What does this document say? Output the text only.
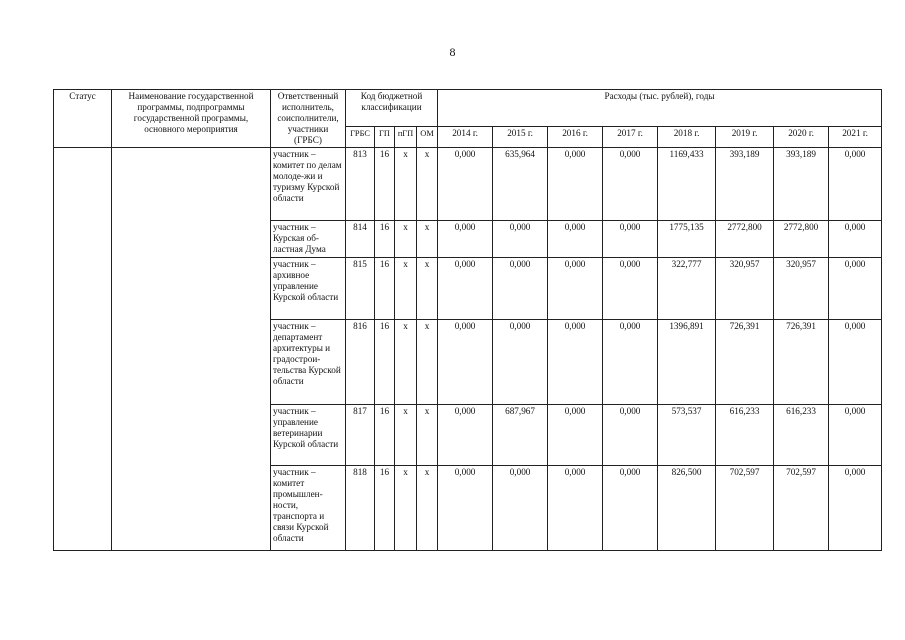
8
Статус	Наименование государственной программы, подпрограммы государственной программы, основного мероприятия	Ответственный исполнитель, соисполнители, участники (ГРБС)	Код бюджетной классификации				Расходы (тыс. рублей), годы							
			ГРБС	ГП	пГП	ОМ	2014 г.	2015 г.	2016 г.	2017 г.	2018 г.	2019 г.	2020 г.	2021 г.
		участник – комитет по делам молоде-жи и туризму Курской области	813	16	х	х	0,000	635,964	0,000	0,000	1169,433	393,189	393,189	0,000
		участник – Курская об-ластная Дума	814	16	х	х	0,000	0,000	0,000	0,000	1775,135	2772,800	2772,800	0,000
		участник – архивное управление Курской области	815	16	х	х	0,000	0,000	0,000	0,000	322,777	320,957	320,957	0,000
		участник – департамент архитектуры и градострои-тельства Курской области	816	16	х	х	0,000	0,000	0,000	0,000	1396,891	726,391	726,391	0,000
		участник – управление ветеринарии Курской области	817	16	х	х	0,000	687,967	0,000	0,000	573,537	616,233	616,233	0,000
		участник – комитет промышлен-ности, транспорта и связи Курской области	818	16	х	х	0,000	0,000	0,000	0,000	826,500	702,597	702,597	0,000
